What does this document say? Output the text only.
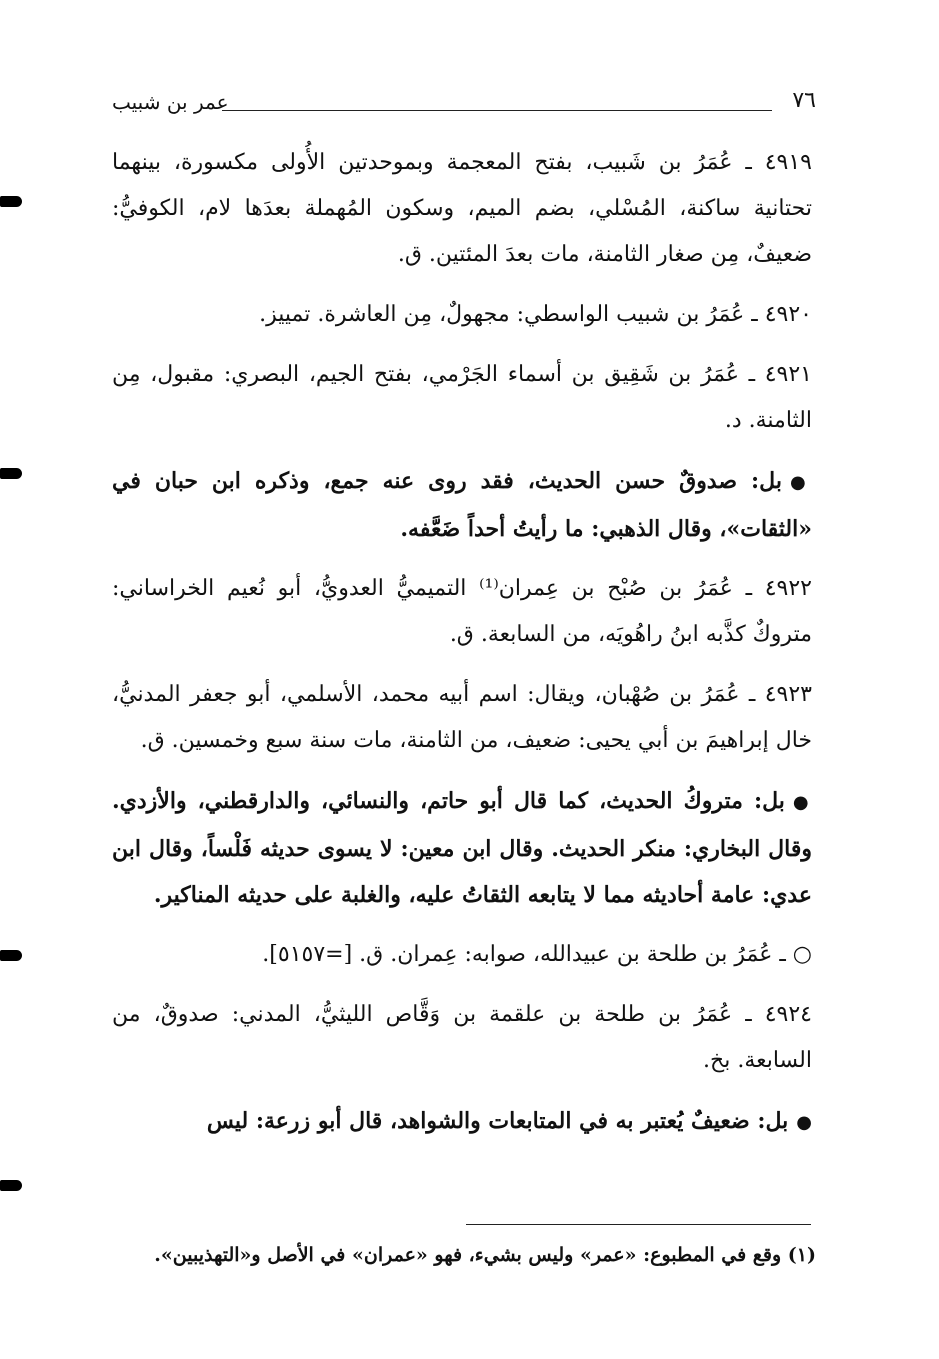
عمر بن شبيب	٧٦

٤٩١٩ ـ عُمَرُ بن شَبيب، بفتح المعجمة وبموحدتين الأُولى مكسورة، بينهما تحتانية ساكنة، المُسْلي، بضم الميم، وسكون المُهملة بعدَها لام، الكوفيُّ: ضعيفٌ، مِن صغار الثامنة، مات بعدَ المئتين. ق.

٤٩٢٠ ـ عُمَرُ بن شبيب الواسطي: مجهولٌ، مِن العاشرة. تمييز.

٤٩٢١ ـ عُمَرُ بن شَقِيق بن أسماء الجَرْمي، بفتح الجيم، البصري: مقبول، مِن الثامنة. د.

●بل: صدوقٌ حسن الحديث، فقد روى عنه جمع، وذكره ابن حبان في «الثقات»، وقال الذهبي: ما رأيتُ أحداً ضَعَّفه.

٤٩٢٢ ـ عُمَرُ بن صُبْح بن عِمران⁽¹⁾ التميميُّ العدويُّ، أبو نُعيم الخراساني: متروكٌ كذَّبه ابنُ راهُويَه، من السابعة. ق.

٤٩٢٣ ـ عُمَرُ بن صُهْبان، ويقال: اسم أبيه محمد، الأسلمي، أبو جعفر المدنيُّ، خال إبراهيمَ بن أبي يحيى: ضعيف، من الثامنة، مات سنة سبع وخمسين. ق.

●بل: متروكُ الحديث، كما قال أبو حاتم، والنسائي، والدارقطني، والأزدي. وقال البخاري: منكر الحديث. وقال ابن معين: لا يسوى حديثه فَلْساً، وقال ابن عدي: عامة أحاديثه مما لا يتابعه الثقاتُ عليه، والغلبة على حديثه المناكير.

○ ـ عُمَرُ بن طلحة بن عبيدالله، صوابه: عِمران. ق. [=٥١٥٧].

٤٩٢٤ ـ عُمَرُ بن طلحة بن علقمة بن وَقَّاص الليثيُّ، المدني: صدوقٌ، من السابعة. بخ.

●بل: ضعيفٌ يُعتبر به في المتابعات والشواهد، قال أبو زرعة: ليس

(١) وقع في المطبوع: «عمر» وليس بشيء، فهو «عمران» في الأصل و«التهذيبين».
